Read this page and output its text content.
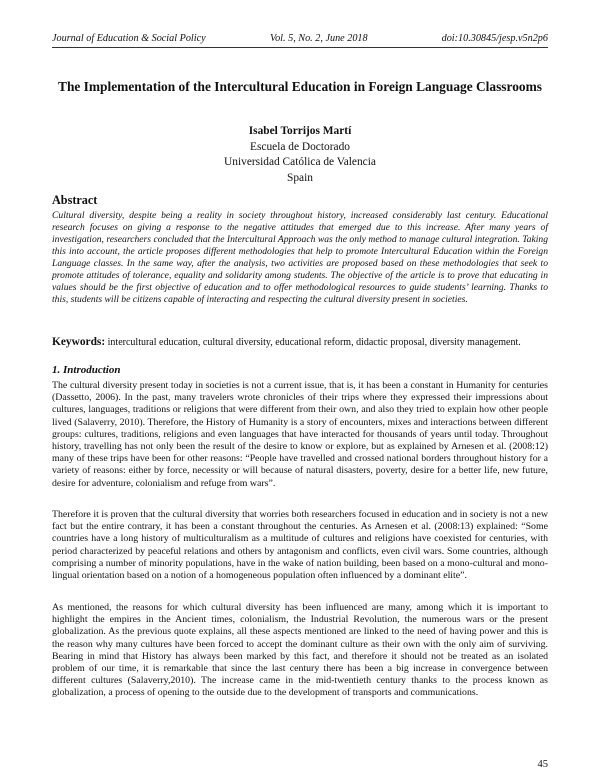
Journal of Education & Social Policy	Vol. 5, No. 2, June 2018	doi:10.30845/jesp.v5n2p6
The Implementation of the Intercultural Education in Foreign Language Classrooms
Isabel Torrijos Martí
Escuela de Doctorado
Universidad Católica de Valencia
Spain
Abstract

Cultural diversity, despite being a reality in society throughout history, increased considerably last century. Educational research focuses on giving a response to the negative attitudes that emerged due to this increase. After many years of investigation, researchers concluded that the Intercultural Approach was the only method to manage cultural integration. Taking this into account, the article proposes different methodologies that help to promote Intercultural Education within the Foreign Language classes. In the same way, after the analysis, two activities are proposed based on these methodologies that seek to promote attitudes of tolerance, equality and solidarity among students. The objective of the article is to prove that educating in values should be the first objective of education and to offer methodological resources to guide students’ learning. Thanks to this, students will be citizens capable of interacting and respecting the cultural diversity present in societies.

Keywords: intercultural education, cultural diversity, educational reform, didactic proposal, diversity management.

1. Introduction

The cultural diversity present today in societies is not a current issue, that is, it has been a constant in Humanity for centuries (Dassetto, 2006). In the past, many travelers wrote chronicles of their trips where they expressed their impressions about cultures, languages, traditions or religions that were different from their own, and also they tried to explain how other people lived (Salaverry, 2010). Therefore, the History of Humanity is a story of encounters, mixes and interactions between different groups: cultures, traditions, religions and even languages that have interacted for thousands of years until today. Throughout history, travelling has not only been the result of the desire to know or explore, but as explained by Arnesen et al. (2008:12) many of these trips have been for other reasons: “People have travelled and crossed national borders throughout history for a variety of reasons: either by force, necessity or will because of natural disasters, poverty, desire for a better life, new future, desire for adventure, colonialism and refuge from wars”.

Therefore it is proven that the cultural diversity that worries both researchers focused in education and in society is not a new fact but the entire contrary, it has been a constant throughout the centuries. As Arnesen et al. (2008:13) explained: “Some countries have a long history of multiculturalism as a multitude of cultures and religions have coexisted for centuries, with period characterized by peaceful relations and others by antagonism and conflicts, even civil wars. Some countries, although comprising a number of minority populations, have in the wake of nation building, been based on a mono-cultural and mono-lingual orientation based on a notion of a homogeneous population often influenced by a dominant elite”.

As mentioned, the reasons for which cultural diversity has been influenced are many, among which it is important to highlight the empires in the Ancient times, colonialism, the Industrial Revolution, the numerous wars or the present globalization. As the previous quote explains, all these aspects mentioned are linked to the need of having power and this is the reason why many cultures have been forced to accept the dominant culture as their own with the only aim of surviving. Bearing in mind that History has always been marked by this fact, and therefore it should not be treated as an isolated problem of our time, it is remarkable that since the last century there has been a big increase in convergence between different cultures (Salaverry,2010). The increase came in the mid-twentieth century thanks to the process known as globalization, a process of opening to the outside due to the development of transports and communications.

45
